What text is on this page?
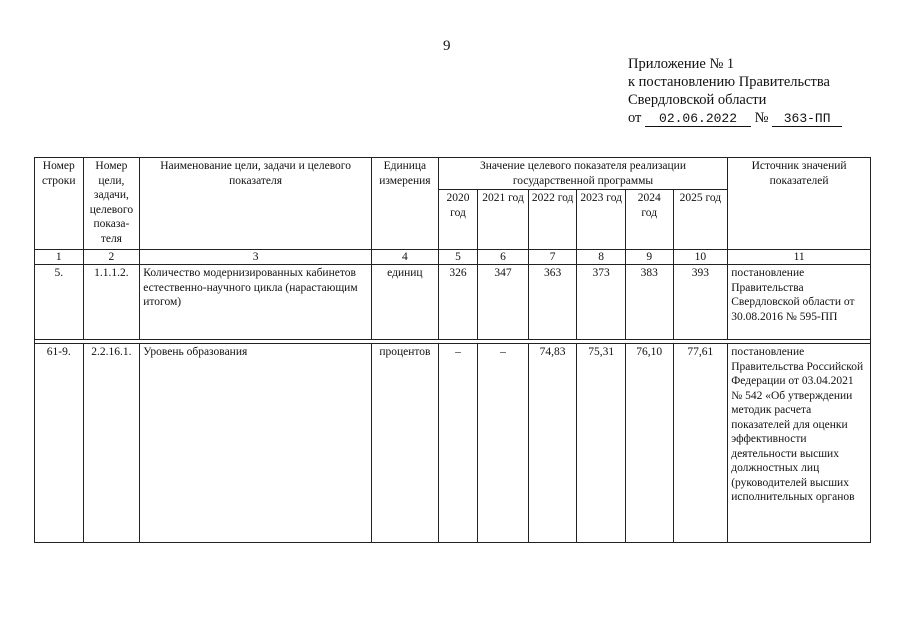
9
Приложение № 1
к постановлению Правительства
Свердловской области
от 02.06.2022 № 363-ПП
Номер строки	Номер цели, задачи, целевого показа-теля	Наименование цели, задачи и целевого показателя	Единица измерения	Значение целевого показателя реализации государственной программы						Источник значений показателей
				2020 год	2021 год	2022 год	2023 год	2024 год	2025 год	
1	2	3	4	5	6	7	8	9	10	11
5.	1.1.1.2.	Количество модернизированных кабинетов естественно-научного цикла (нарастающим итогом)	единиц	326	347	363	373	383	393	постановление Правительства Свердловской области от 30.08.2016 № 595-ПП

61-9.	2.2.16.1.	Уровень образования	процентов	–	–	74,83	75,31	76,10	77,61	постановление Правительства Российской Федерации от 03.04.2021 № 542 «Об утверждении методик расчета показателей для оценки эффективности деятельности высших должностных лиц (руководителей высших исполнительных органов
